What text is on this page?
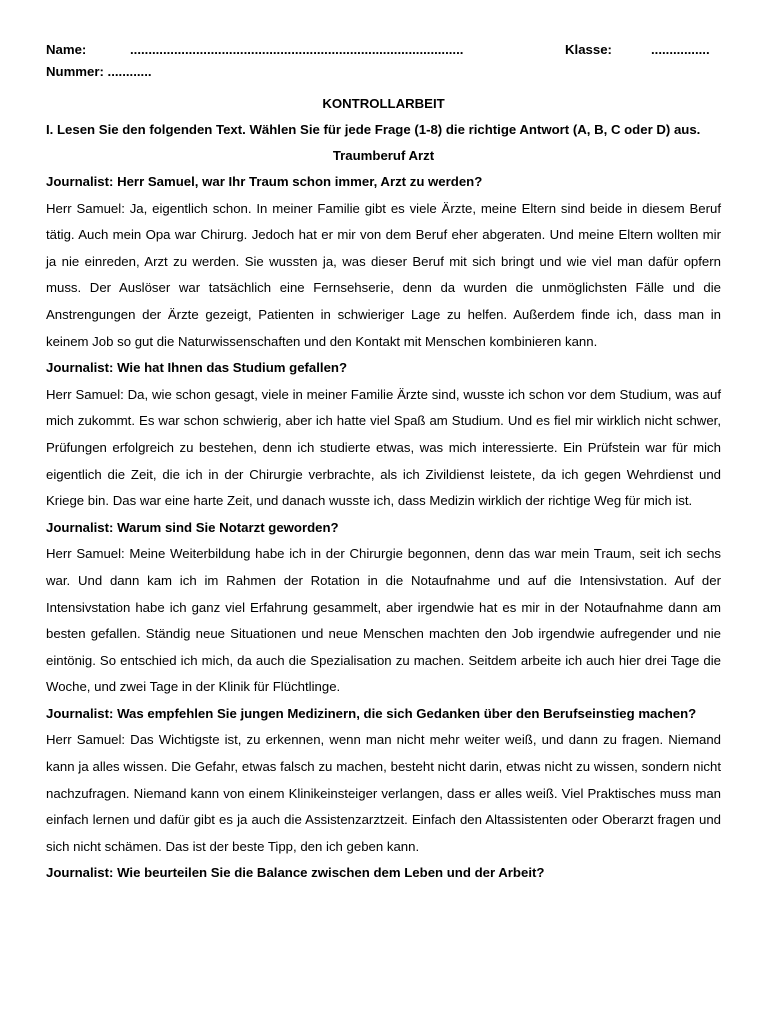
Name:	...........................................................................................	Klasse:	................
Nummer: ............
KONTROLLARBEIT
I. Lesen Sie den folgenden Text. Wählen Sie für jede Frage (1-8) die richtige Antwort (A, B, C oder D) aus.
Traumberuf Arzt
Journalist: Herr Samuel, war Ihr Traum schon immer, Arzt zu werden?

Herr Samuel: Ja, eigentlich schon. In meiner Familie gibt es viele Ärzte, meine Eltern sind beide in diesem Beruf tätig. Auch mein Opa war Chirurg. Jedoch hat er mir von dem Beruf eher abgeraten. Und meine Eltern wollten mir ja nie einreden, Arzt zu werden. Sie wussten ja, was dieser Beruf mit sich bringt und wie viel man dafür opfern muss. Der Auslöser war tatsächlich eine Fernsehserie, denn da wurden die unmöglichsten Fälle und die Anstrengungen der Ärzte gezeigt, Patienten in schwieriger Lage zu helfen. Außerdem finde ich, dass man in keinem Job so gut die Naturwissenschaften und den Kontakt mit Menschen kombinieren kann.

Journalist: Wie hat Ihnen das Studium gefallen?

Herr Samuel: Da, wie schon gesagt, viele in meiner Familie Ärzte sind, wusste ich schon vor dem Studium, was auf mich zukommt. Es war schon schwierig, aber ich hatte viel Spaß am Studium. Und es fiel mir wirklich nicht schwer, Prüfungen erfolgreich zu bestehen, denn ich studierte etwas, was mich interessierte. Ein Prüfstein war für mich eigentlich die Zeit, die ich in der Chirurgie verbrachte, als ich Zivildienst leistete, da ich gegen Wehrdienst und Kriege bin. Das war eine harte Zeit, und danach wusste ich, dass Medizin wirklich der richtige Weg für mich ist.

Journalist: Warum sind Sie Notarzt geworden?

Herr Samuel: Meine Weiterbildung habe ich in der Chirurgie begonnen, denn das war mein Traum, seit ich sechs war. Und dann kam ich im Rahmen der Rotation in die Notaufnahme und auf die Intensivstation. Auf der Intensivstation habe ich ganz viel Erfahrung gesammelt, aber irgendwie hat es mir in der Notaufnahme dann am besten gefallen. Ständig neue Situationen und neue Menschen machten den Job irgendwie aufregender und nie eintönig. So entschied ich mich, da auch die Spezialisation zu machen. Seitdem arbeite ich auch hier drei Tage die Woche, und zwei Tage in der Klinik für Flüchtlinge.

Journalist: Was empfehlen Sie jungen Medizinern, die sich Gedanken über den Berufseinstieg machen?

Herr Samuel: Das Wichtigste ist, zu erkennen, wenn man nicht mehr weiter weiß, und dann zu fragen. Niemand kann ja alles wissen. Die Gefahr, etwas falsch zu machen, besteht nicht darin, etwas nicht zu wissen, sondern nicht nachzufragen. Niemand kann von einem Klinikeinsteiger verlangen, dass er alles weiß. Viel Praktisches muss man einfach lernen und dafür gibt es ja auch die Assistenzarztzeit. Einfach den Altassistenten oder Oberarzt fragen und sich nicht schämen. Das ist der beste Tipp, den ich geben kann.

Journalist: Wie beurteilen Sie die Balance zwischen dem Leben und der Arbeit?
